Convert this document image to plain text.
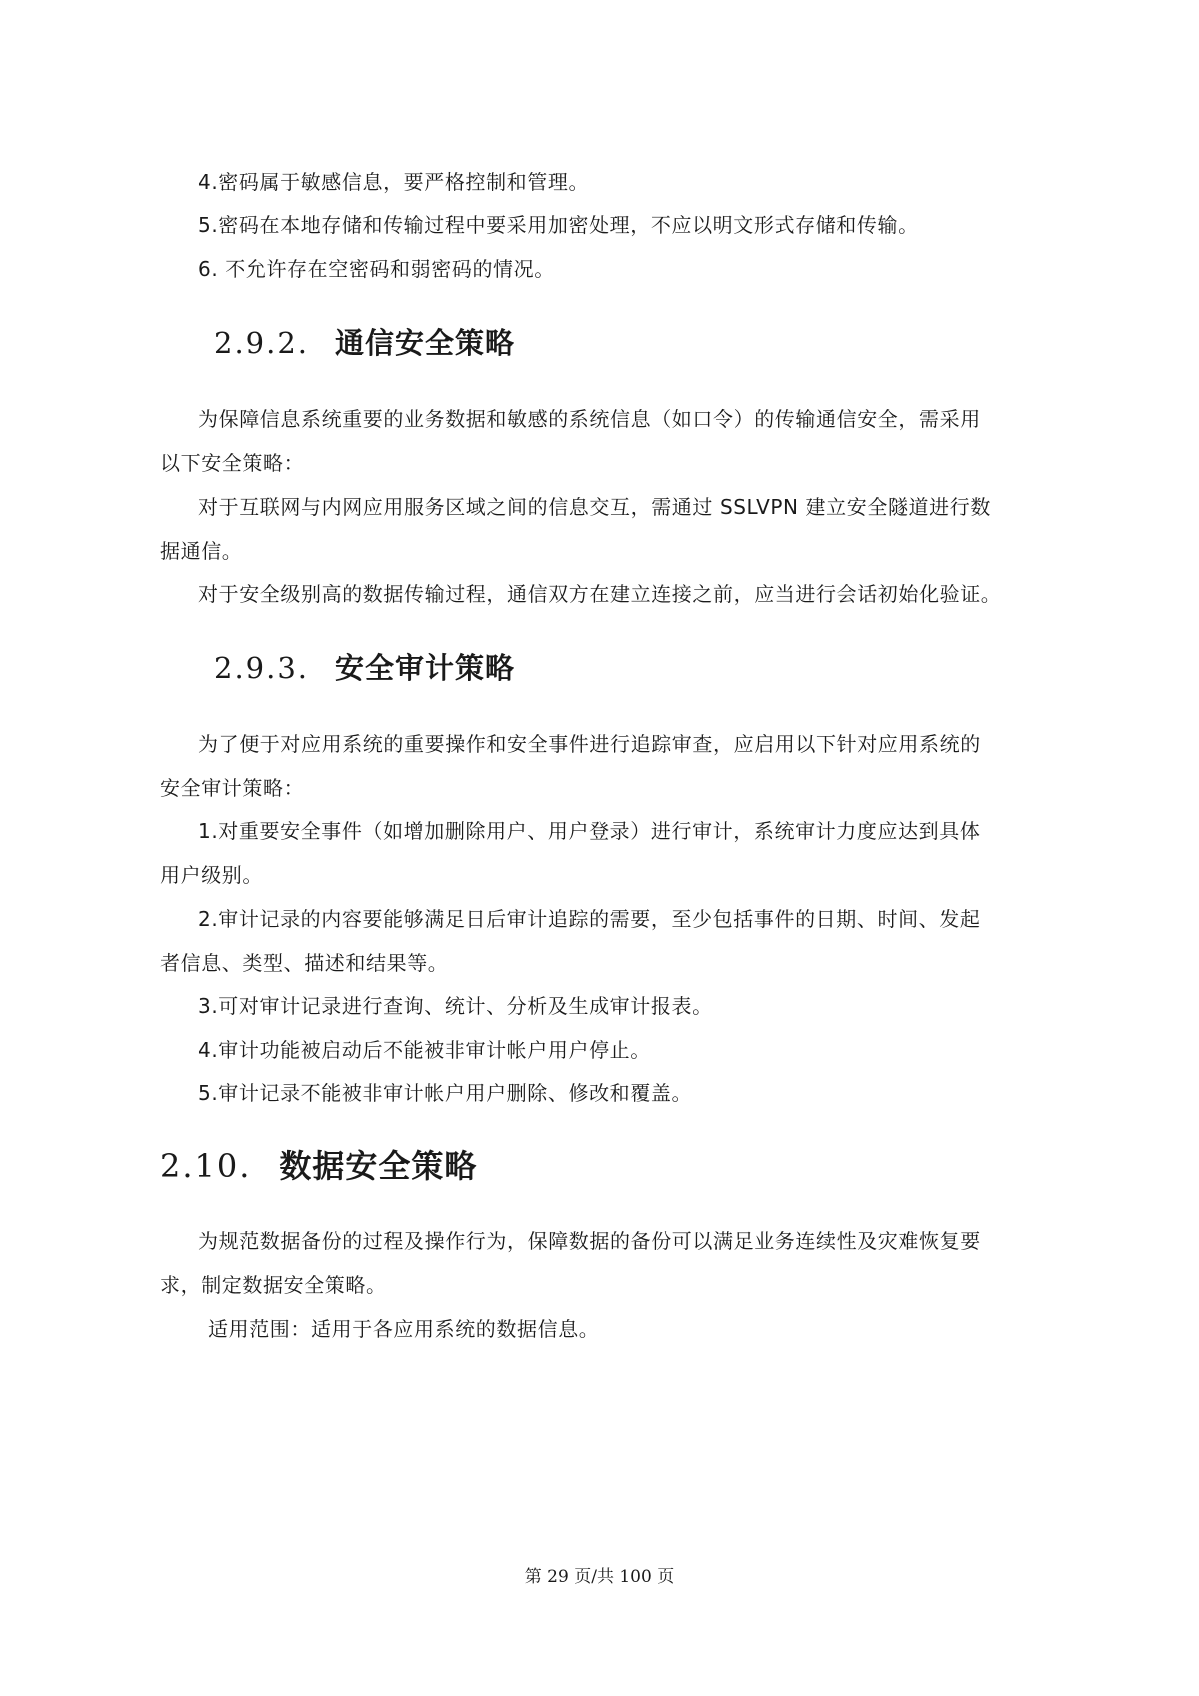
4.密码属于敏感信息，要严格控制和管理。
5.密码在本地存储和传输过程中要采用加密处理，不应以明文形式存储和传输。
6. 不允许存在空密码和弱密码的情况。
2.9.2. 通信安全策略
为保障信息系统重要的业务数据和敏感的系统信息（如口令）的传输通信安全，需采用
以下安全策略：
对于互联网与内网应用服务区域之间的信息交互，需通过 SSLVPN 建立安全隧道进行数
据通信。
对于安全级别高的数据传输过程，通信双方在建立连接之前，应当进行会话初始化验证。
2.9.3. 安全审计策略
为了便于对应用系统的重要操作和安全事件进行追踪审查，应启用以下针对应用系统的
安全审计策略：
1.对重要安全事件（如增加删除用户、用户登录）进行审计，系统审计力度应达到具体
用户级别。
2.审计记录的内容要能够满足日后审计追踪的需要，至少包括事件的日期、时间、发起
者信息、类型、描述和结果等。
3.可对审计记录进行查询、统计、分析及生成审计报表。
4.审计功能被启动后不能被非审计帐户用户停止。
5.审计记录不能被非审计帐户用户删除、修改和覆盖。
2.10. 数据安全策略
为规范数据备份的过程及操作行为，保障数据的备份可以满足业务连续性及灾难恢复要
求，制定数据安全策略。
适用范围：适用于各应用系统的数据信息。
第 29 页/共 100 页
